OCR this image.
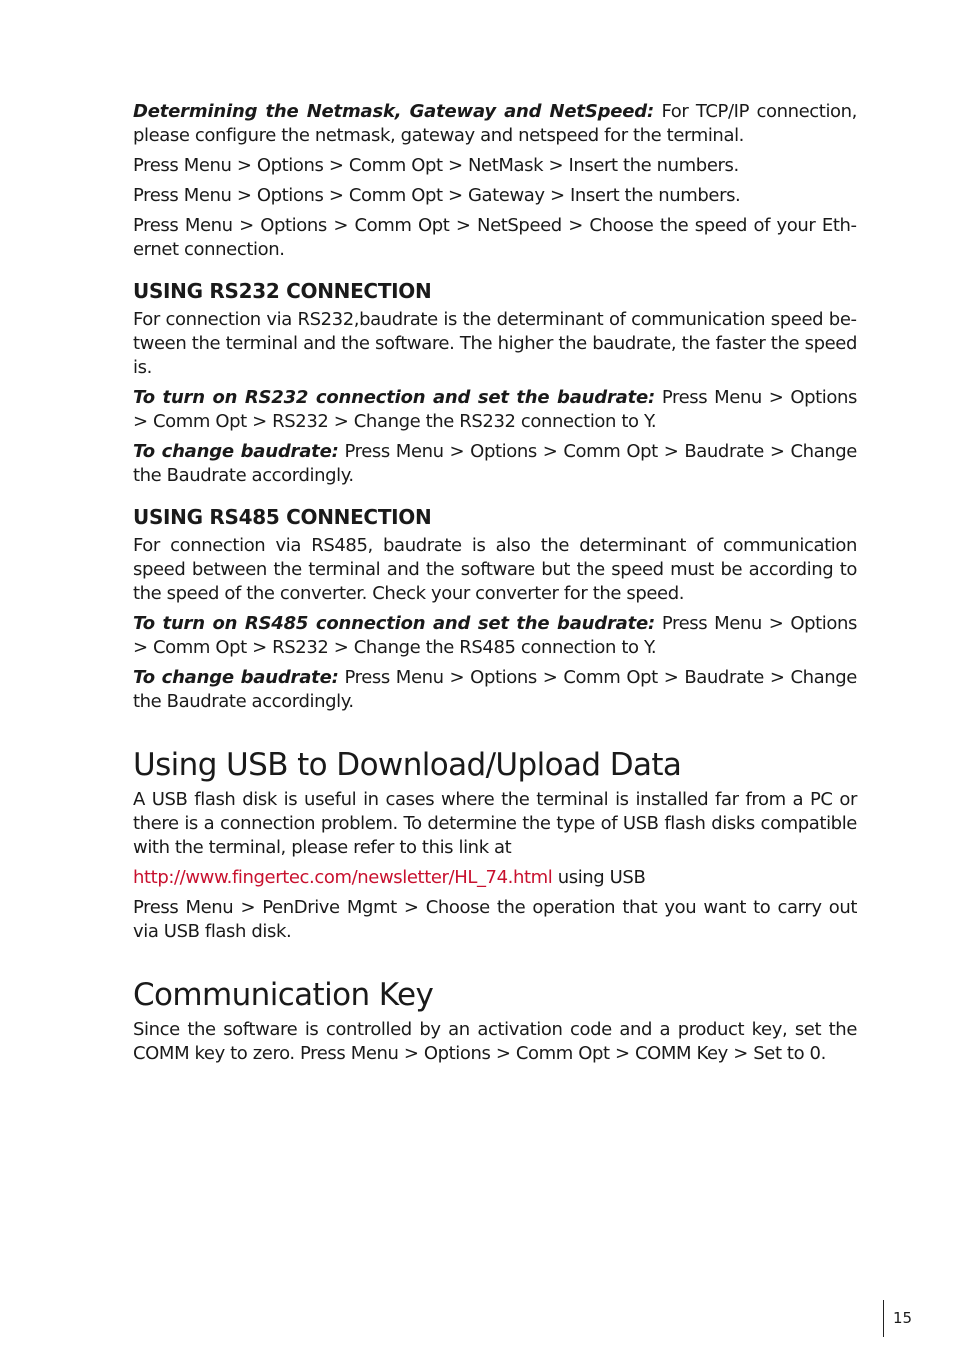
Determining the Netmask, Gateway and NetSpeed: For TCP/IP connection, please configure the netmask, gateway and netspeed for the terminal.

Press Menu > Options > Comm Opt > NetMask > Insert the numbers.

Press Menu > Options > Comm Opt > Gateway > Insert the numbers.

Press Menu > Options > Comm Opt > NetSpeed > Choose the speed of your Ethernet connection.

USING RS232 CONNECTION

For connection via RS232,baudrate is the determinant of communication speed between the terminal and the software. The higher the baudrate, the faster the speed is.

To turn on RS232 connection and set the baudrate: Press Menu > Options > Comm Opt > RS232 > Change the RS232 connection to Y.

To change baudrate: Press Menu > Options > Comm Opt > Baudrate > Change the Baudrate accordingly.

USING RS485 CONNECTION

For connection via RS485, baudrate is also the determinant of communication speed between the terminal and the software but the speed must be according to the speed of the converter. Check your converter for the speed.

To turn on RS485 connection and set the baudrate: Press Menu > Options > Comm Opt > RS232 > Change the RS485 connection to Y.

To change baudrate: Press Menu > Options > Comm Opt > Baudrate > Change the Baudrate accordingly.

Using USB to Download/Upload Data

A USB flash disk is useful in cases where the terminal is installed far from a PC or there is a connection problem. To determine the type of USB flash disks compatible with the terminal, please refer to this link at

http://www.fingertec.com/newsletter/HL_74.html using USB

Press Menu > PenDrive Mgmt > Choose the operation that you want to carry out via USB flash disk.

Communication Key

Since the software is controlled by an activation code and a product key, set the COMM key to zero. Press Menu > Options > Comm Opt > COMM Key > Set to 0.

15
